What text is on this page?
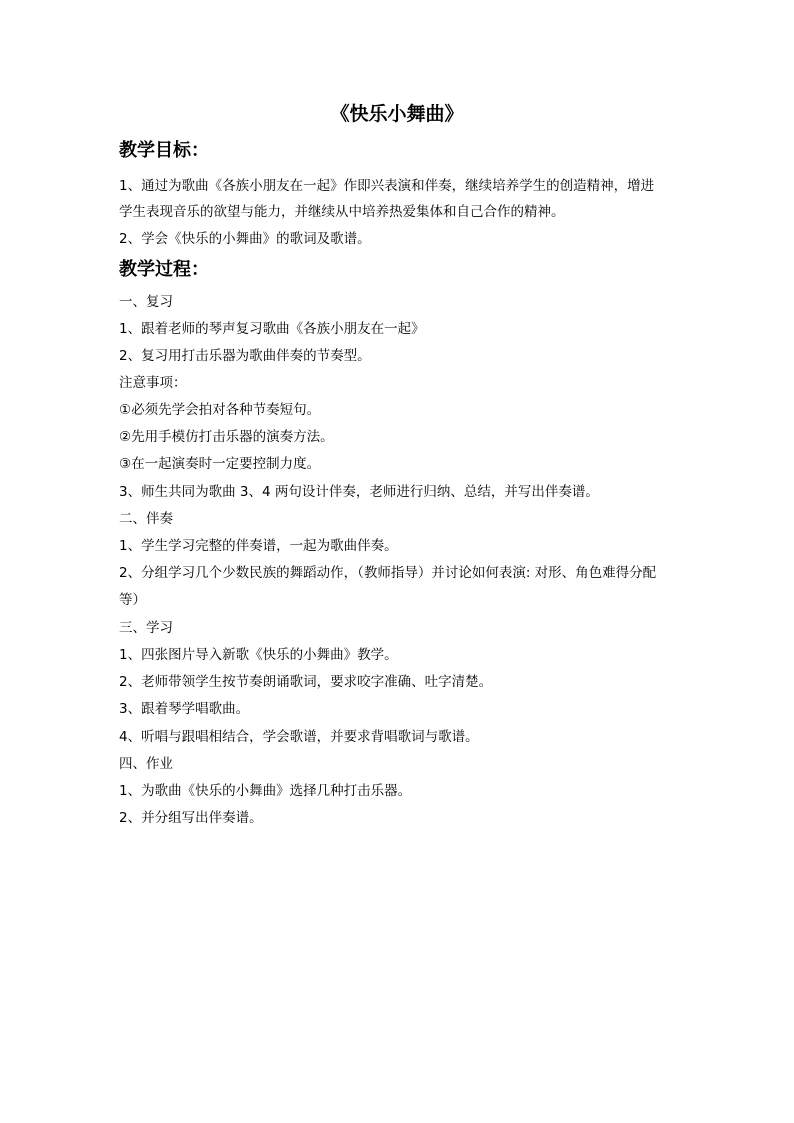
《快乐小舞曲》
教学目标：
1、通过为歌曲《各族小朋友在一起》作即兴表演和伴奏，继续培养学生的创造精神，增进
学生表现音乐的欲望与能力，并继续从中培养热爱集体和自己合作的精神。
2、学会《快乐的小舞曲》的歌词及歌谱。
教学过程：
一、复习
1、跟着老师的琴声复习歌曲《各族小朋友在一起》
2、复习用打击乐器为歌曲伴奏的节奏型。
注意事项：
①必须先学会拍对各种节奏短句。
②先用手模仿打击乐器的演奏方法。
③在一起演奏时一定要控制力度。
3、师生共同为歌曲 3、4 两句设计伴奏，老师进行归纳、总结，并写出伴奏谱。
二、伴奏
1、学生学习完整的伴奏谱，一起为歌曲伴奏。
2、分组学习几个少数民族的舞蹈动作，（教师指导）并讨论如何表演: 对形、角色难得分配
等）
三、学习
1、四张图片导入新歌《快乐的小舞曲》教学。
2、老师带领学生按节奏朗诵歌词，要求咬字准确、吐字清楚。
3、跟着琴学唱歌曲。
4、听唱与跟唱相结合，学会歌谱，并要求背唱歌词与歌谱。
四、作业
1、为歌曲《快乐的小舞曲》选择几种打击乐器。
2、并分组写出伴奏谱。
